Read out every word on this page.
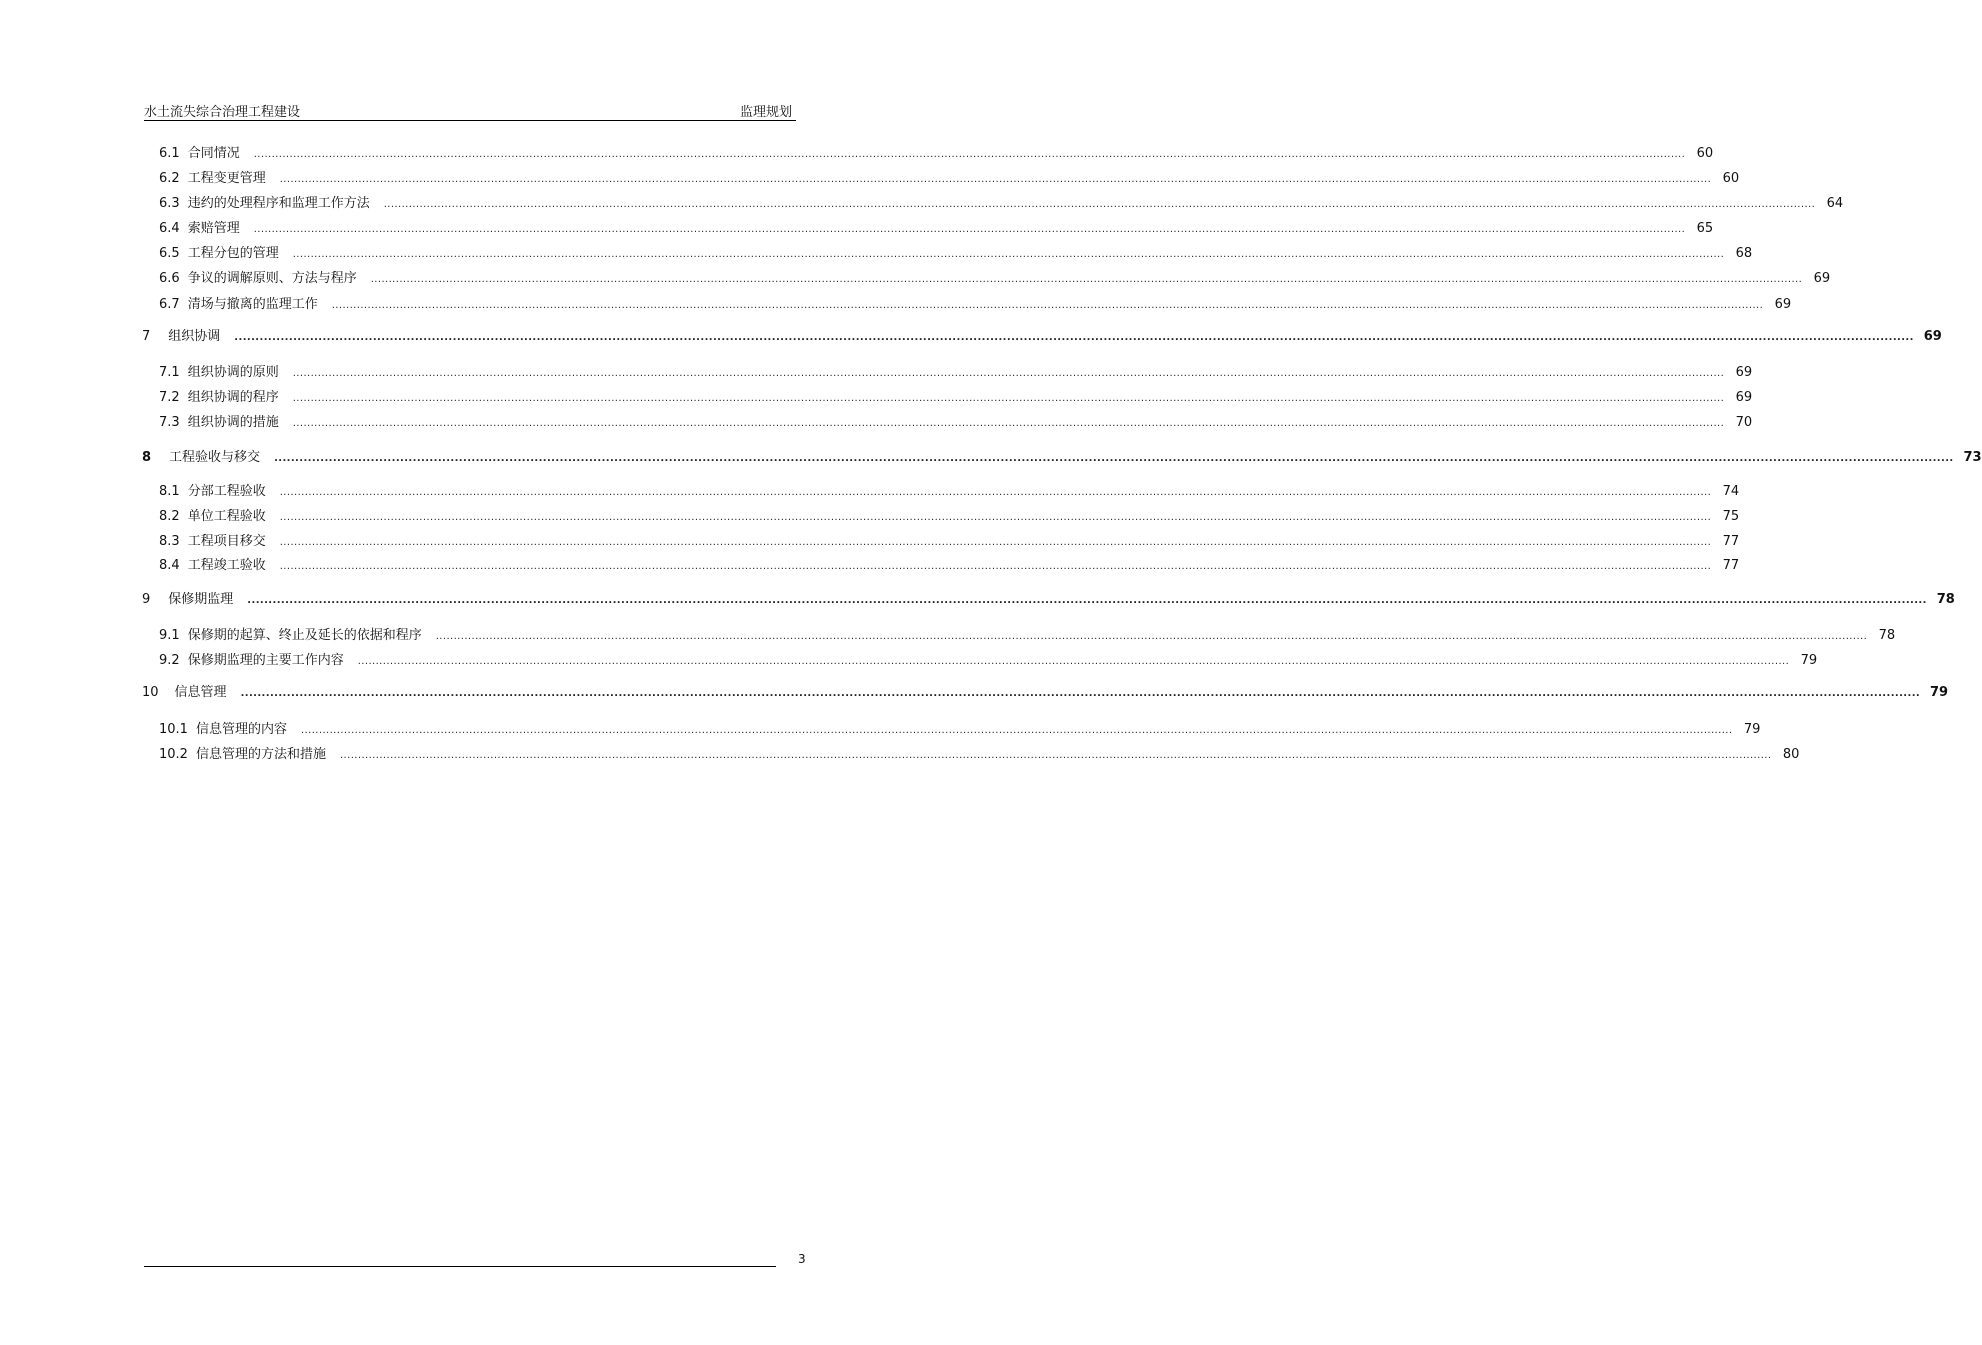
水土流失综合治理工程建设	监理规划
6.1 合同情况 ................................................................................................................................................................................................................................................................................................................................................................................................................ 60
6.2 工程变更管理 ................................................................................................................................................................................................................................................................................................................................................................................................................ 60
6.3 违约的处理程序和监理工作方法 ................................................................................................................................................................................................................................................................................................................................................................................................................ 64
6.4 索赔管理 ................................................................................................................................................................................................................................................................................................................................................................................................................ 65
6.5 工程分包的管理 ................................................................................................................................................................................................................................................................................................................................................................................................................ 68
6.6 争议的调解原则、方法与程序 ................................................................................................................................................................................................................................................................................................................................................................................................................ 69
6.7 清场与撤离的监理工作 ................................................................................................................................................................................................................................................................................................................................................................................................................ 69
7 组织协调 ................................................................................................................................................................................................................................................................................................................................................................................................................ 69
7.1 组织协调的原则 ................................................................................................................................................................................................................................................................................................................................................................................................................ 69
7.2 组织协调的程序 ................................................................................................................................................................................................................................................................................................................................................................................................................ 69
7.3 组织协调的措施 ................................................................................................................................................................................................................................................................................................................................................................................................................ 70
8 工程验收与移交 ................................................................................................................................................................................................................................................................................................................................................................................................................ 73
8.1 分部工程验收 ................................................................................................................................................................................................................................................................................................................................................................................................................ 74
8.2 单位工程验收 ................................................................................................................................................................................................................................................................................................................................................................................................................ 75
8.3 工程项目移交 ................................................................................................................................................................................................................................................................................................................................................................................................................ 77
8.4 工程竣工验收 ................................................................................................................................................................................................................................................................................................................................................................................................................ 77
9 保修期监理 ................................................................................................................................................................................................................................................................................................................................................................................................................ 78
9.1 保修期的起算、终止及延长的依据和程序 ................................................................................................................................................................................................................................................................................................................................................................................................................ 78
9.2 保修期监理的主要工作内容 ................................................................................................................................................................................................................................................................................................................................................................................................................ 79
10 信息管理 ................................................................................................................................................................................................................................................................................................................................................................................................................ 79
10.1 信息管理的内容 ................................................................................................................................................................................................................................................................................................................................................................................................................ 79
10.2 信息管理的方法和措施 ................................................................................................................................................................................................................................................................................................................................................................................................................ 80
3
